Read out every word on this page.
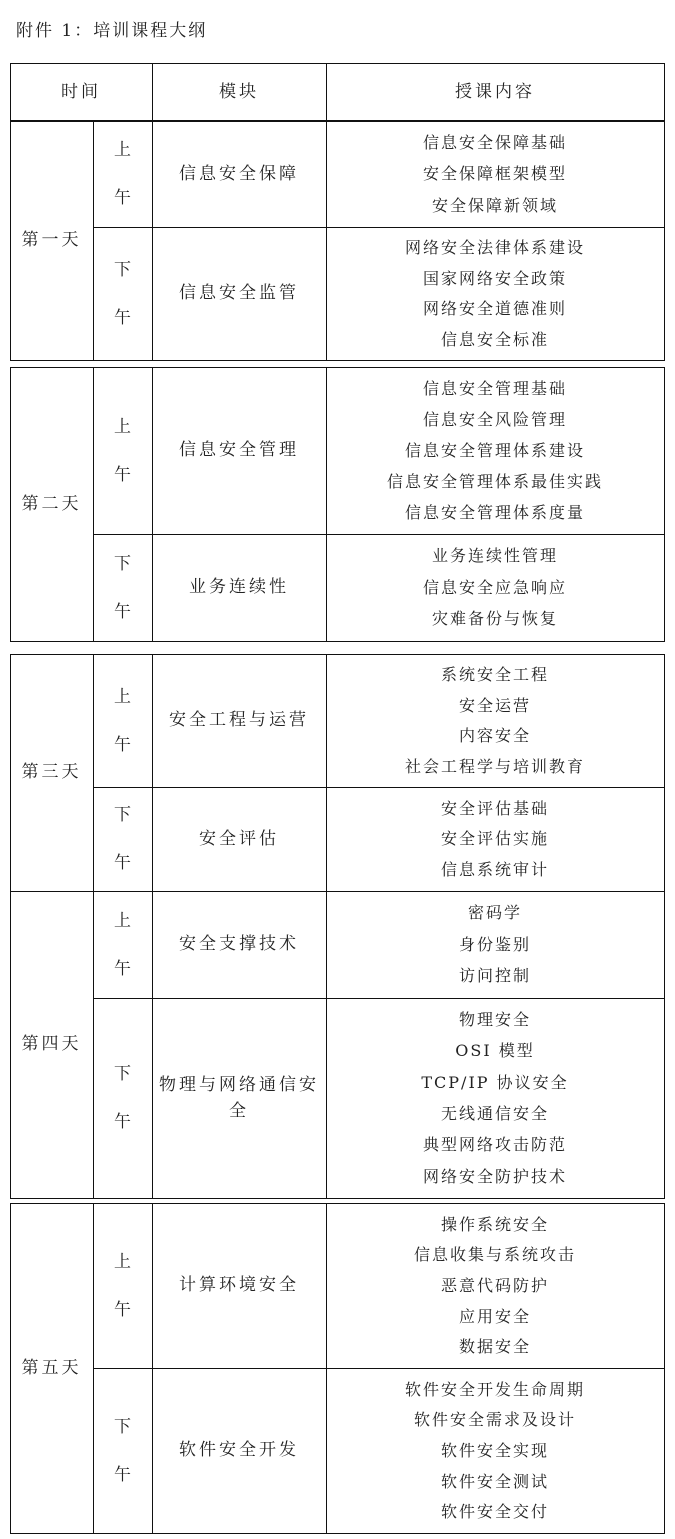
附件 1：培训课程大纲
时间	模块	授课内容
第一天
上
午
信息安全保障
信息安全保障基础
安全保障框架模型
安全保障新领域
下
午
信息安全监管
网络安全法律体系建设
国家网络安全政策
网络安全道德准则
信息安全标准
第二天
上
午
信息安全管理
信息安全管理基础
信息安全风险管理
信息安全管理体系建设
信息安全管理体系最佳实践
信息安全管理体系度量
下
午
业务连续性
业务连续性管理
信息安全应急响应
灾难备份与恢复
第三天
上
午
安全工程与运营
系统安全工程
安全运营
内容安全
社会工程学与培训教育
下
午
安全评估
安全评估基础
安全评估实施
信息系统审计
第四天
上
午
安全支撑技术
密码学
身份鉴别
访问控制
下
午
物理与网络通信安全
物理安全
OSI 模型
TCP/IP 协议安全
无线通信安全
典型网络攻击防范
网络安全防护技术
第五天
上
午
计算环境安全
操作系统安全
信息收集与系统攻击
恶意代码防护
应用安全
数据安全
下
午
软件安全开发
软件安全开发生命周期
软件安全需求及设计
软件安全实现
软件安全测试
软件安全交付
